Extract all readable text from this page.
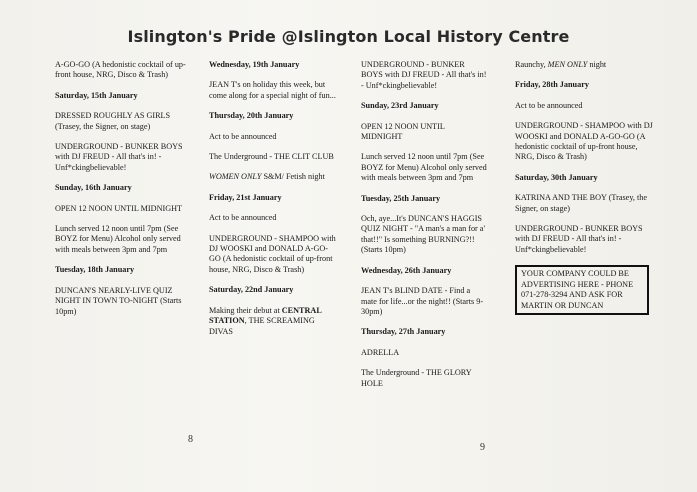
Islington's Pride @Islington Local History Centre
A-GO-GO (A hedonistic cocktail of up-front house, NRG, Disco & Trash)
Saturday, 15th January
DRESSED ROUGHLY AS GIRLS (Trasey, the Signer, on stage)
UNDERGROUND - BUNKER BOYS with DJ FREUD - All that's in! - Unf*ckingbelievable!
Sunday, 16th January
OPEN 12 NOON UNTIL MIDNIGHT
Lunch served 12 noon until 7pm (See BOYZ for Menu) Alcohol only served with meals between 3pm and 7pm
Tuesday, 18th January
DUNCAN'S NEARLY-LIVE QUIZ NIGHT IN TOWN TO-NIGHT (Starts 10pm)
Wednesday, 19th January
JEAN T's on holiday this week, but come along for a special night of fun...
Thursday, 20th January
Act to be announced
The Underground - THE CLIT CLUB
WOMEN ONLY S&M/ Fetish night
Friday, 21st January
Act to be announced
UNDERGROUND - SHAMPOO with DJ WOOSKI and DONALD A-GO-GO (A hedonistic cocktail of up-front house, NRG, Disco & Trash)
Saturday, 22nd January
Making their debut at CENTRAL STATION, THE SCREAMING DIVAS
UNDERGROUND - BUNKER BOYS with DJ FREUD - All that's in! - Unf*ckingbelievable!
Sunday, 23rd January
OPEN 12 NOON UNTIL MIDNIGHT
Lunch served 12 noon until 7pm (See BOYZ for Menu) Alcohol only served with meals between 3pm and 7pm
Tuesday, 25th January
Och, aye...It's DUNCAN'S HAGGIS QUIZ NIGHT - "A man's a man for a' that!!" Is something BURNING?!! (Starts 10pm)
Wednesday, 26th January
JEAN T's BLIND DATE - Find a mate for life...or the night!! (Starts 9-30pm)
Thursday, 27th January
ADRELLA
The Underground - THE GLORY HOLE
Raunchy, MEN ONLY night
Friday, 28th January
Act to be announced
UNDERGROUND - SHAMPOO with DJ WOOSKI and DONALD A-GO-GO (A hedonistic cocktail of up-front house, NRG, Disco & Trash)
Saturday, 30th January
KATRINA AND THE BOY (Trasey, the Signer, on stage)
UNDERGROUND - BUNKER BOYS with DJ FREUD - All that's in! - Unf*ckingbelievable!
YOUR COMPANY COULD BE ADVERTISING HERE - PHONE 071-278-3294 AND ASK FOR MARTIN OR DUNCAN
8
9
